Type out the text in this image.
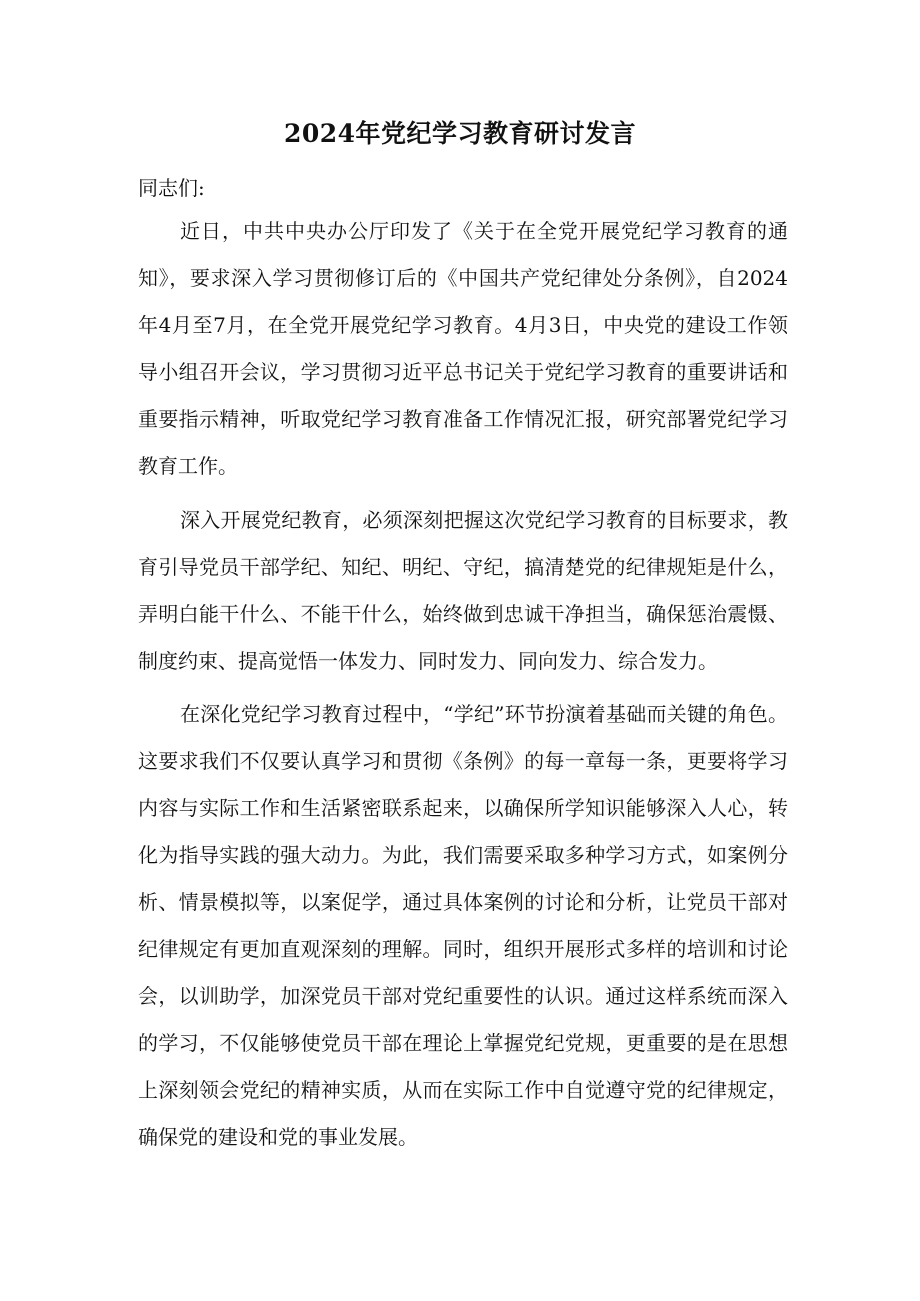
2024年党纪学习教育研讨发言

同志们:

近日，中共中央办公厅印发了《关于在全党开展党纪学习教育的通知》，要求深入学习贯彻修订后的《中国共产党纪律处分条例》，自2024年4月至7月，在全党开展党纪学习教育。4月3日，中央党的建设工作领导小组召开会议，学习贯彻习近平总书记关于党纪学习教育的重要讲话和重要指示精神，听取党纪学习教育准备工作情况汇报，研究部署党纪学习教育工作。

深入开展党纪教育，必须深刻把握这次党纪学习教育的目标要求，教育引导党员干部学纪、知纪、明纪、守纪，搞清楚党的纪律规矩是什么，弄明白能干什么、不能干什么，始终做到忠诚干净担当，确保惩治震慑、制度约束、提高觉悟一体发力、同时发力、同向发力、综合发力。

在深化党纪学习教育过程中，“学纪”环节扮演着基础而关键的角色。这要求我们不仅要认真学习和贯彻《条例》的每一章每一条，更要将学习内容与实际工作和生活紧密联系起来，以确保所学知识能够深入人心，转化为指导实践的强大动力。为此，我们需要采取多种学习方式，如案例分析、情景模拟等，以案促学，通过具体案例的讨论和分析，让党员干部对纪律规定有更加直观深刻的理解。同时，组织开展形式多样的培训和讨论会，以训助学，加深党员干部对党纪重要性的认识。通过这样系统而深入的学习，不仅能够使党员干部在理论上掌握党纪党规，更重要的是在思想上深刻领会党纪的精神实质，从而在实际工作中自觉遵守党的纪律规定，确保党的建设和党的事业发展。
